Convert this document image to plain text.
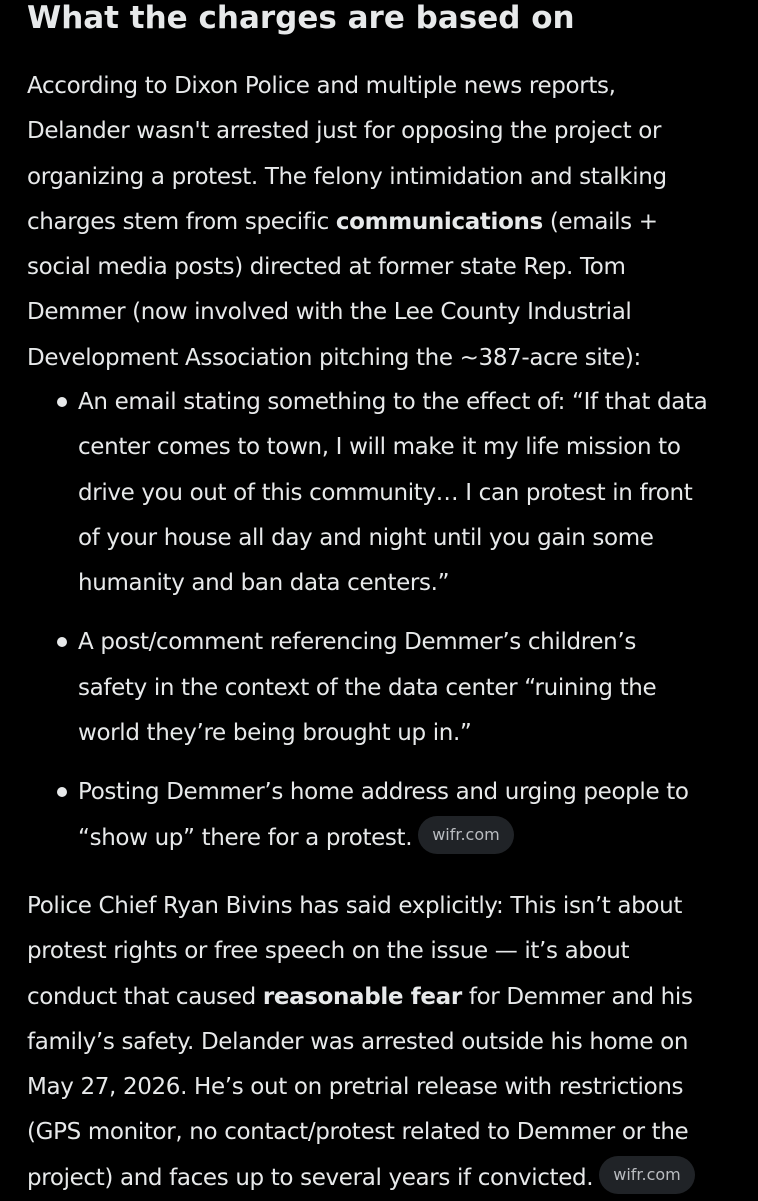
What the charges are based on

According to Dixon Police and multiple news reports,
Delander wasn't arrested just for opposing the project or
organizing a protest. The felony intimidation and stalking
charges stem from specific communications (emails +
social media posts) directed at former state Rep. Tom
Demmer (now involved with the Lee County Industrial
Development Association pitching the ~387-acre site):

An email stating something to the effect of: “If that data
center comes to town, I will make it my life mission to
drive you out of this community… I can protest in front
of your house all day and night until you gain some
humanity and ban data centers.”
A post/comment referencing Demmer’s children’s
safety in the context of the data center “ruining the
world they’re being brought up in.”
Posting Demmer’s home address and urging people to
“show up” there for a protest. wifr.com

Police Chief Ryan Bivins has said explicitly: This isn’t about
protest rights or free speech on the issue — it’s about
conduct that caused reasonable fear for Demmer and his
family’s safety. Delander was arrested outside his home on
May 27, 2026. He’s out on pretrial release with restrictions
(GPS monitor, no contact/protest related to Demmer or the
project) and faces up to several years if convicted. wifr.com
